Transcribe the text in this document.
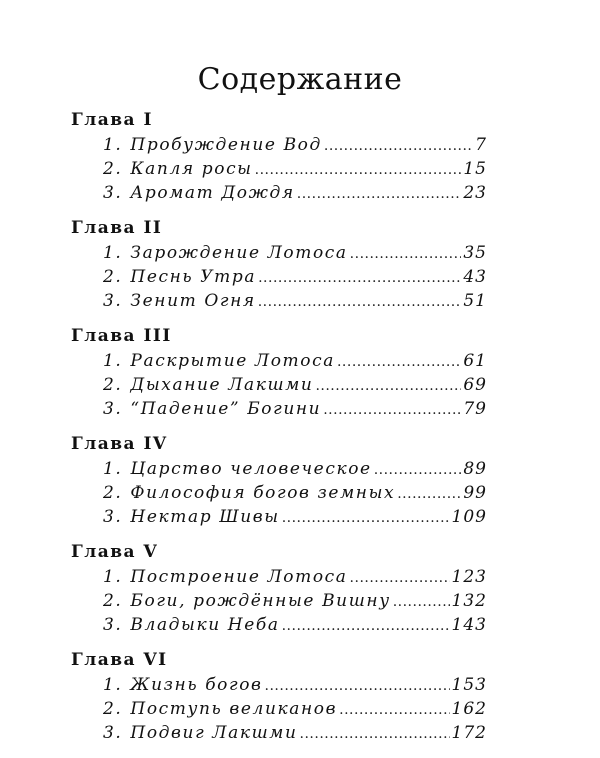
Содержание
Глава I
1. Пробуждение Вод .....	7
2. Капля росы .....	15
3. Аромат Дождя .....	23
Глава II
1. Зарождение Лотоса .....	35
2. Песнь Утра .....	43
3. Зенит Огня .....	51
Глава III
1. Раскрытие Лотоса .....	61
2. Дыхание Лакшми .....	69
3. “Падение” Богини .....	79
Глава IV
1. Царство человеческое .....	89
2. Философия богов земных .....	99
3. Нектар Шивы .....	109
Глава V
1. Построение Лотоса .....	123
2. Боги, рождённые Вишну .....	132
3. Владыки Неба .....	143
Глава VI
1. Жизнь богов .....	153
2. Поступь великанов .....	162
3. Подвиг Лакшми .....	172
